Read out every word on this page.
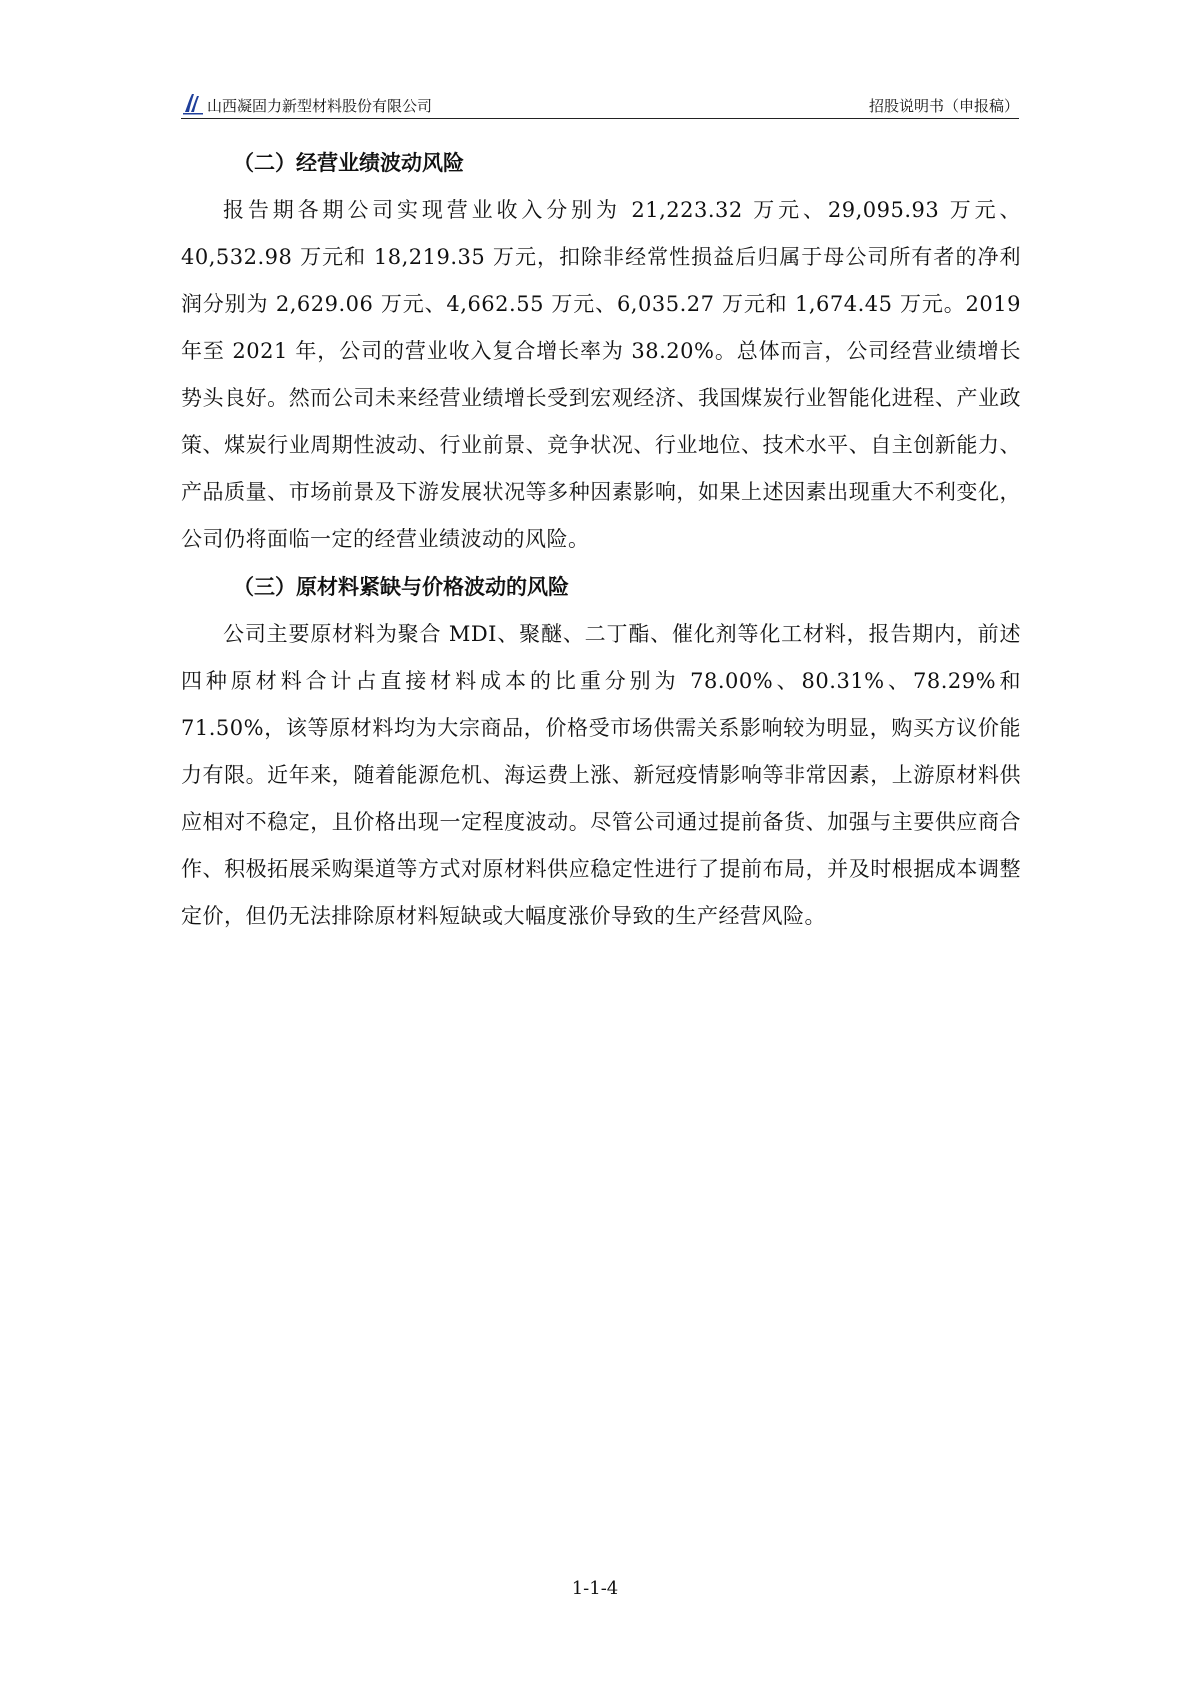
山西凝固力新型材料股份有限公司	招股说明书（申报稿）
（二）经营业绩波动风险

报告期各期公司实现营业收入分别为 21,223.32 万元、29,095.93 万元、40,532.98 万元和 18,219.35 万元，扣除非经常性损益后归属于母公司所有者的净利润分别为 2,629.06 万元、4,662.55 万元、6,035.27 万元和 1,674.45 万元。2019 年至 2021 年，公司的营业收入复合增长率为 38.20%。总体而言，公司经营业绩增长势头良好。然而公司未来经营业绩增长受到宏观经济、我国煤炭行业智能化进程、产业政策、煤炭行业周期性波动、行业前景、竞争状况、行业地位、技术水平、自主创新能力、产品质量、市场前景及下游发展状况等多种因素影响，如果上述因素出现重大不利变化，公司仍将面临一定的经营业绩波动的风险。

（三）原材料紧缺与价格波动的风险

公司主要原材料为聚合 MDI、聚醚、二丁酯、催化剂等化工材料，报告期内，前述四种原材料合计占直接材料成本的比重分别为 78.00%、80.31%、78.29%和 71.50%，该等原材料均为大宗商品，价格受市场供需关系影响较为明显，购买方议价能力有限。近年来，随着能源危机、海运费上涨、新冠疫情影响等非常因素，上游原材料供应相对不稳定，且价格出现一定程度波动。尽管公司通过提前备货、加强与主要供应商合作、积极拓展采购渠道等方式对原材料供应稳定性进行了提前布局，并及时根据成本调整定价，但仍无法排除原材料短缺或大幅度涨价导致的生产经营风险。

1-1-4
